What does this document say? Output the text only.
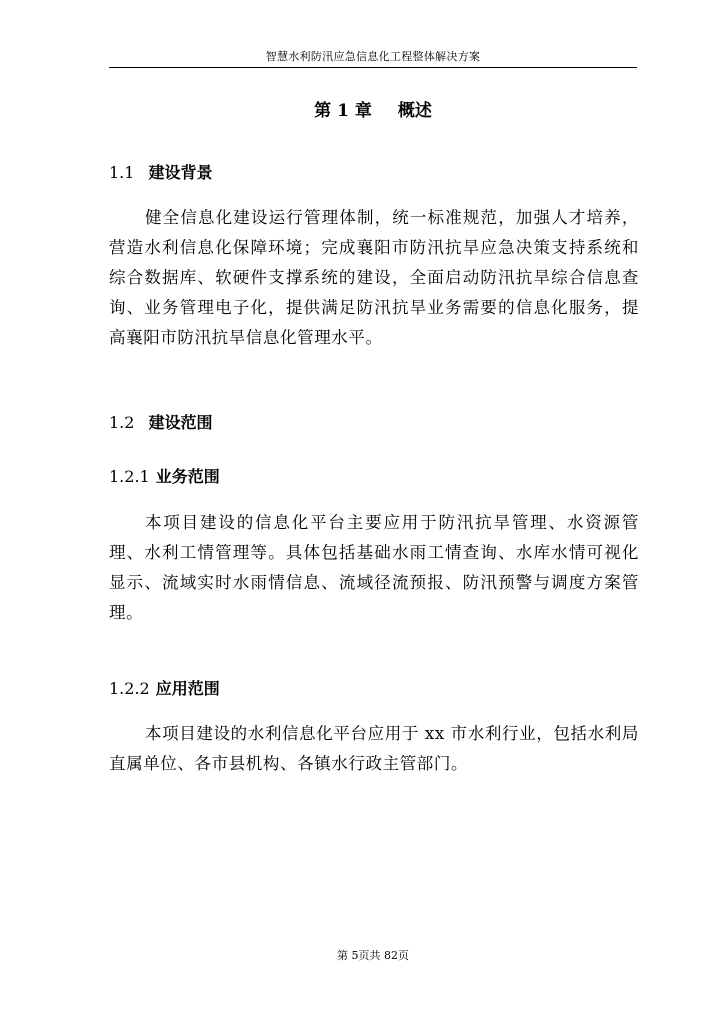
智慧水利防汛应急信息化工程整体解决方案
第 1 章 概述
1.1 建设背景
健全信息化建设运行管理体制，统一标准规范，加强人才培养，营造水利信息化保障环境；完成襄阳市防汛抗旱应急决策支持系统和综合数据库、软硬件支撑系统的建设，全面启动防汛抗旱综合信息查询、业务管理电子化，提供满足防汛抗旱业务需要的信息化服务，提高襄阳市防汛抗旱信息化管理水平。
1.2 建设范围
1.2.1 业务范围
本项目建设的信息化平台主要应用于防汛抗旱管理、水资源管理、水利工情管理等。具体包括基础水雨工情查询、水库水情可视化显示、流域实时水雨情信息、流域径流预报、防汛预警与调度方案管理。
1.2.2 应用范围
本项目建设的水利信息化平台应用于 xx 市水利行业，包括水利局直属单位、各市县机构、各镇水行政主管部门。
第 5页共 82页
